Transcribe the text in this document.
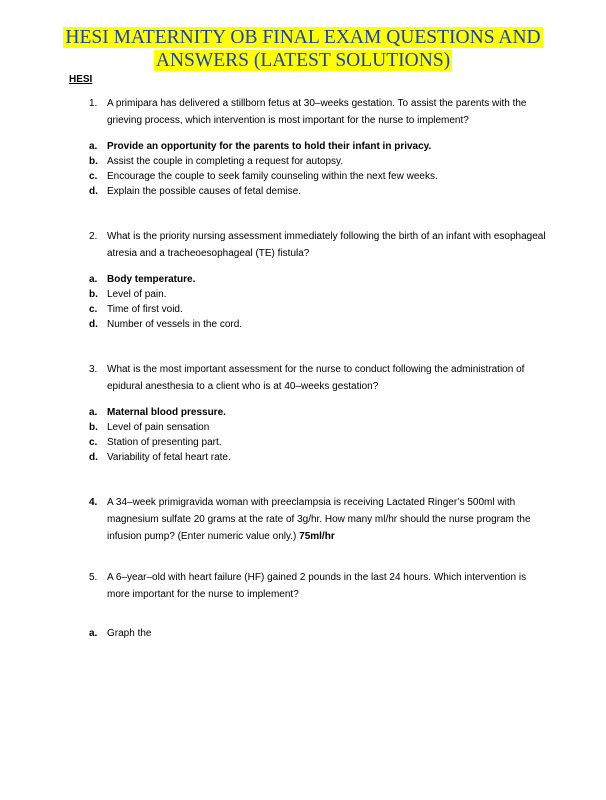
HESI MATERNITY OB FINAL EXAM QUESTIONS AND
ANSWERS (LATEST SOLUTIONS)
HESI
1. A primipara has delivered a stillborn fetus at 30–weeks gestation. To assist the parents with the grieving process, which intervention is most important for the nurse to implement?
a. Provide an opportunity for the parents to hold their infant in privacy.
b. Assist the couple in completing a request for autopsy.
c. Encourage the couple to seek family counseling within the next few weeks.
d. Explain the possible causes of fetal demise.
2. What is the priority nursing assessment immediately following the birth of an infant with esophageal atresia and a tracheoesophageal (TE) fistula?
a. Body temperature.
b. Level of pain.
c. Time of first void.
d. Number of vessels in the cord.
3. What is the most important assessment for the nurse to conduct following the administration of epidural anesthesia to a client who is at 40–weeks gestation?
a. Maternal blood pressure.
b. Level of pain sensation
c. Station of presenting part.
d. Variability of fetal heart rate.
4. A 34–week primigravida woman with preeclampsia is receiving Lactated Ringer’s 500ml with magnesium sulfate 20 grams at the rate of 3g/hr. How many ml/hr should the nurse program the infusion pump? (Enter numeric value only.) 75ml/hr
5. A 6–year–old with heart failure (HF) gained 2 pounds in the last 24 hours. Which intervention is more important for the nurse to implement?
a. Graph the
